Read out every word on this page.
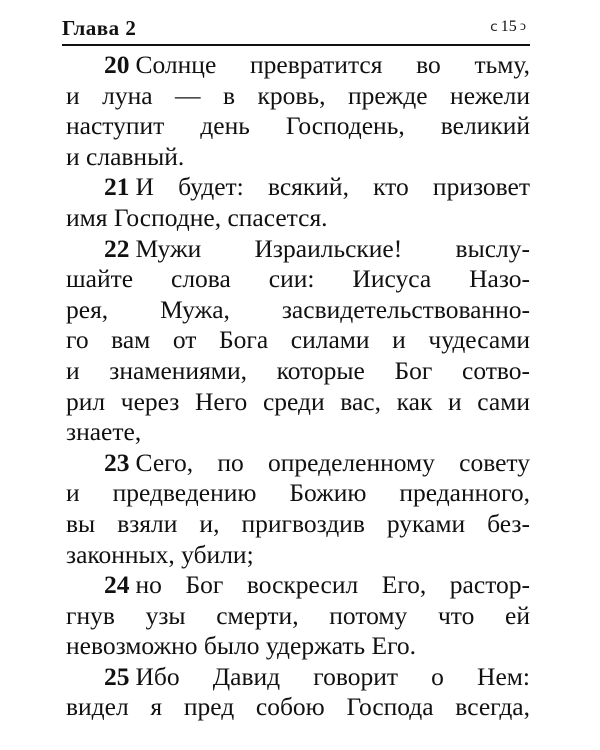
Глава 2	ⅽ 15 ↄ
20 Солнце превратится во тьму,
и луна — в кровь, прежде нежели
наступит день Господень, великий
и славный.
21 И будет: всякий, кто призовет
имя Господне, спасется.
22 Мужи Израильские! выслу-
шайте слова сии: Иисуса Назо-
рея, Мужа, засвидетельствованно-
го вам от Бога силами и чудесами
и знамениями, которые Бог сотво-
рил через Него среди вас, как и сами
знаете,
23 Сего, по определенному совету
и предведению Божию преданного,
вы взяли и, пригвоздив руками без-
законных, убили;
24 но Бог воскресил Его, растор-
гнув узы смерти, потому что ей
невозможно было удержать Его.
25 Ибо Давид говорит о Нем:
видел я пред собою Господа всегда,
